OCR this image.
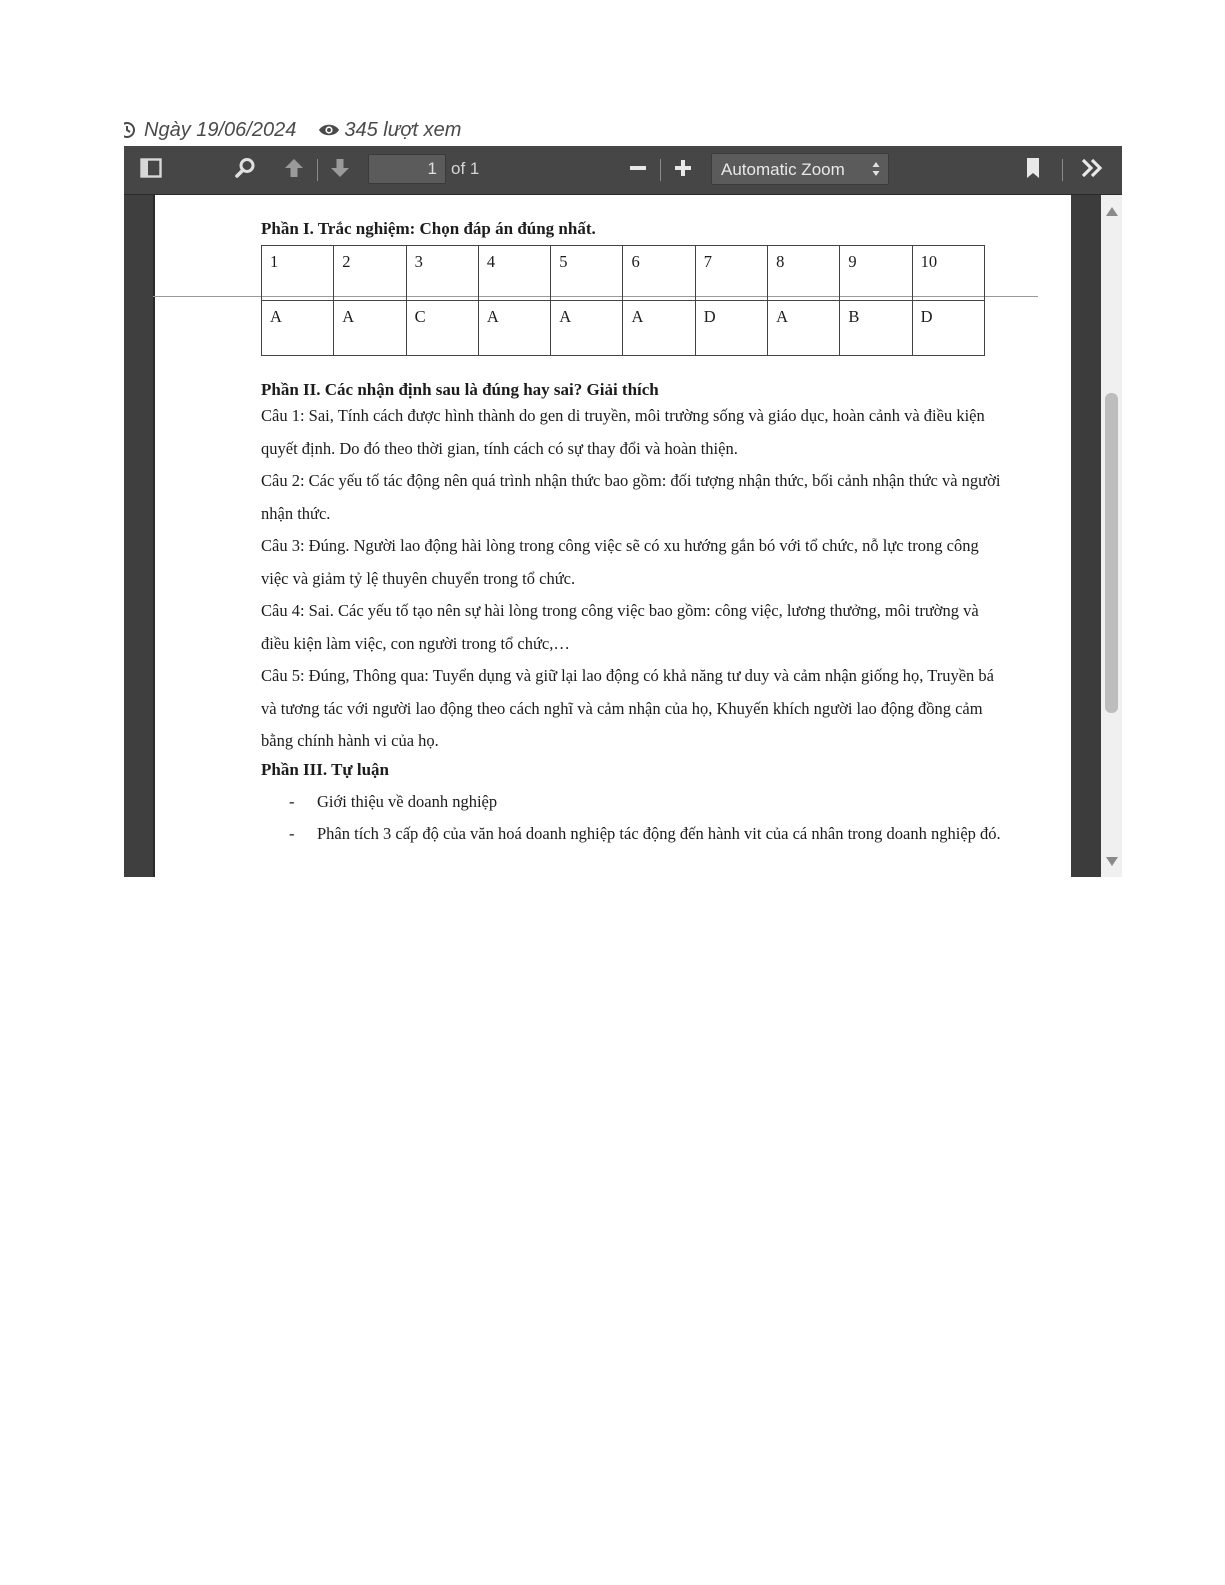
Ngày 19/06/2024 345 lượt xem
1 of 1	Automatic Zoom

Phần I. Trắc nghiệm: Chọn đáp án đúng nhất.

1	2	3	4	5	6	7	8	9	10
A	A	C	A	A	A	D	A	B	D

Phần II. Các nhận định sau là đúng hay sai? Giải thích

Câu 1: Sai, Tính cách được hình thành do gen di truyền, môi trường sống và giáo dục, hoàn cảnh và điều kiện quyết định. Do đó theo thời gian, tính cách có sự thay đổi và hoàn thiện.

Câu 2: Các yếu tố tác động nên quá trình nhận thức bao gồm: đối tượng nhận thức, bối cảnh nhận thức và người nhận thức.

Câu 3: Đúng. Người lao động hài lòng trong công việc sẽ có xu hướng gắn bó với tổ chức, nỗ lực trong công việc và giảm tỷ lệ thuyên chuyển trong tổ chức.

Câu 4: Sai. Các yếu tố tạo nên sự hài lòng trong công việc bao gồm: công việc, lương thưởng, môi trường và điều kiện làm việc, con người trong tổ chức,…

Câu 5: Đúng, Thông qua: Tuyển dụng và giữ lại lao động có khả năng tư duy và cảm nhận giống họ, Truyền bá và tương tác với người lao động theo cách nghĩ và cảm nhận của họ, Khuyến khích người lao động đồng cảm bằng chính hành vi của họ.

Phần III. Tự luận

- Giới thiệu về doanh nghiệp
- Phân tích 3 cấp độ của văn hoá doanh nghiệp tác động đến hành vit của cá nhân trong doanh nghiệp đó.
